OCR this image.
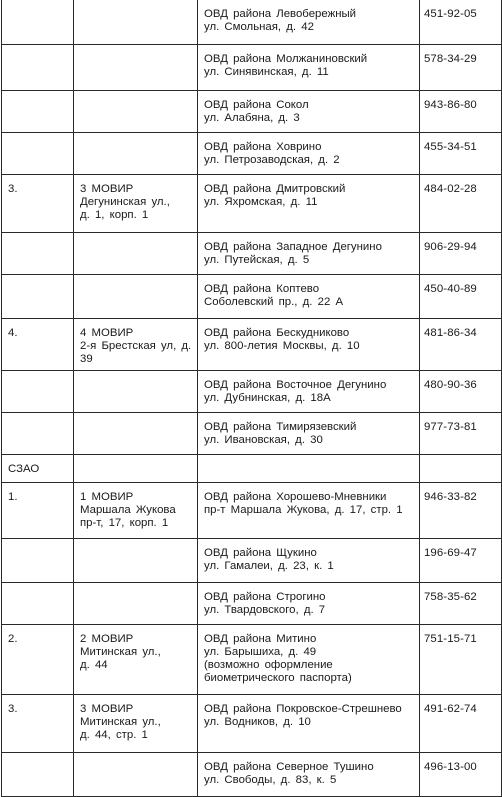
		ОВД района Левобережный
ул. Смольная, д. 42	451-92-05
		ОВД района Молжаниновский
ул. Синявинская, д. 11	578-34-29
		ОВД района Сокол
ул. Алабяна, д. 3	943-86-80
		ОВД района Ховрино
ул. Петрозаводская, д. 2	455-34-51
3.	3 МОВИР
Дегунинская ул.,
д. 1, корп. 1	ОВД района Дмитровский
ул. Яхромская, д. 11	484-02-28
		ОВД района Западное Дегунино
ул. Путейская, д. 5	906-29-94
		ОВД района Коптево
Соболевский пр., д. 22 А	450-40-89
4.	4 МОВИР
2-я Брестская ул, д. 39	ОВД района Бескудниково
ул. 800-летия Москвы, д. 10	481-86-34
		ОВД района Восточное Дегунино
ул. Дубнинская, д. 18А	480-90-36
		ОВД района Тимирязевский
ул. Ивановская, д. 30	977-73-81
СЗАО			
1.	1 МОВИР
Маршала Жукова
пр-т, 17, корп. 1	ОВД района Хорошево-Мневники
пр-т Маршала Жукова, д. 17, стр. 1	946-33-82
		ОВД района Щукино
ул. Гамалеи, д. 23, к. 1	196-69-47
		ОВД района Строгино
ул. Твардовского, д. 7	758-35-62
2.	2 МОВИР
Митинская ул.,
д. 44	ОВД района Митино
ул. Барышиха, д. 49
(возможно оформление
биометрического паспорта)	751-15-71
3.	3 МОВИР
Митинская ул.,
д. 44, стр. 1	ОВД района Покровское-Стрешнево
ул. Водников, д. 10	491-62-74
		ОВД района Северное Тушино
ул. Свободы, д. 83, к. 5	496-13-00
